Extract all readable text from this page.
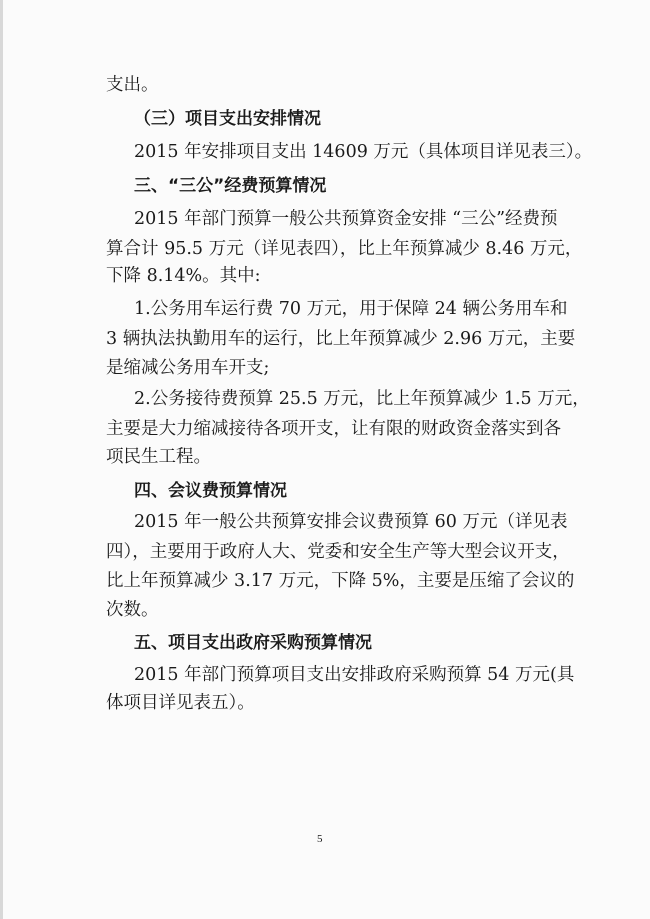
支出。
（三）项目支出安排情况
2015 年安排项目支出 14609 万元（具体项目详见表三）。
三、“三公”经费预算情况
2015 年部门预算一般公共预算资金安排 “三公”经费预
算合计 95.5 万元（详见表四），比上年预算减少 8.46 万元，
下降 8.14%。其中:
1.公务用车运行费 70 万元，用于保障 24 辆公务用车和
3 辆执法执勤用车的运行，比上年预算减少 2.96 万元，主要
是缩减公务用车开支;
2.公务接待费预算 25.5 万元，比上年预算减少 1.5 万元，
主要是大力缩减接待各项开支，让有限的财政资金落实到各
项民生工程。
四、会议费预算情况
2015 年一般公共预算安排会议费预算 60 万元（详见表
四），主要用于政府人大、党委和安全生产等大型会议开支，
比上年预算减少 3.17 万元，下降 5%，主要是压缩了会议的
次数。
五、项目支出政府采购预算情况
2015 年部门预算项目支出安排政府采购预算 54 万元(具
体项目详见表五）。
5
